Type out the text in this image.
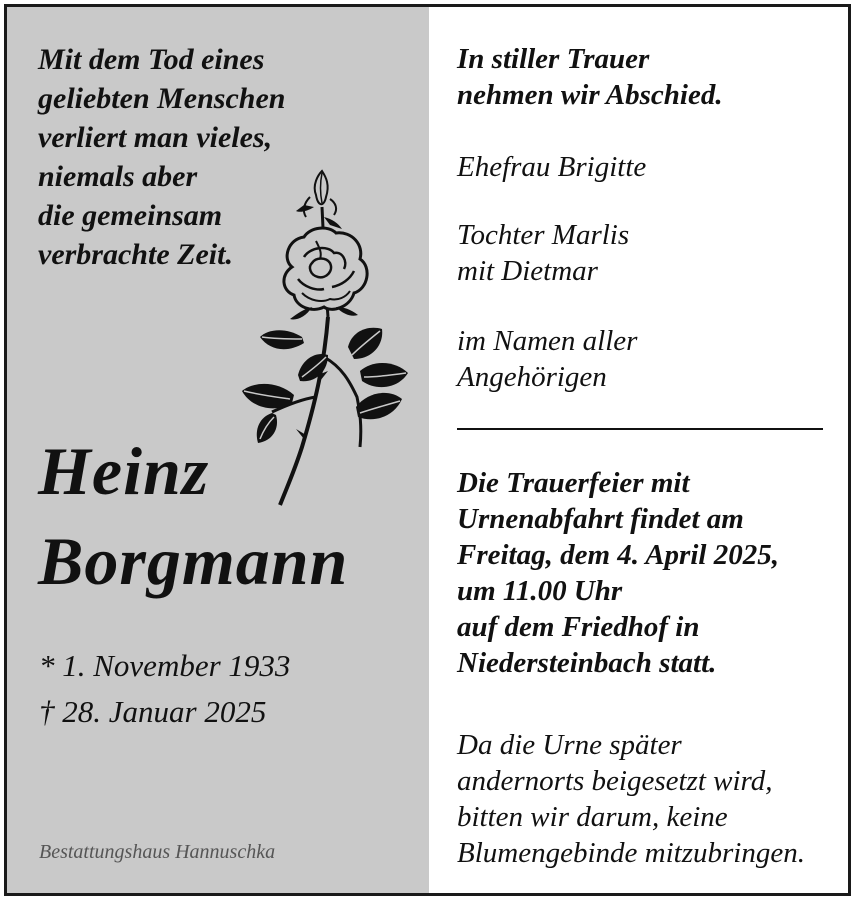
Mit dem Tod eines
geliebten Menschen
verliert man vieles,
niemals aber
die gemeinsam
verbrachte Zeit.
Heinz
Borgmann
* 1. November 1933
† 28. Januar 2025
Bestattungshaus Hannuschka
In stiller Trauer
nehmen wir Abschied.
Ehefrau Brigitte
Tochter Marlis
mit Dietmar
im Namen aller
Angehörigen
Die Trauerfeier mit
Urnenabfahrt findet am
Freitag, dem 4. April 2025,
um 11.00 Uhr
auf dem Friedhof in
Niedersteinbach statt.
Da die Urne später
andernorts beigesetzt wird,
bitten wir darum, keine
Blumengebinde mitzubringen.
